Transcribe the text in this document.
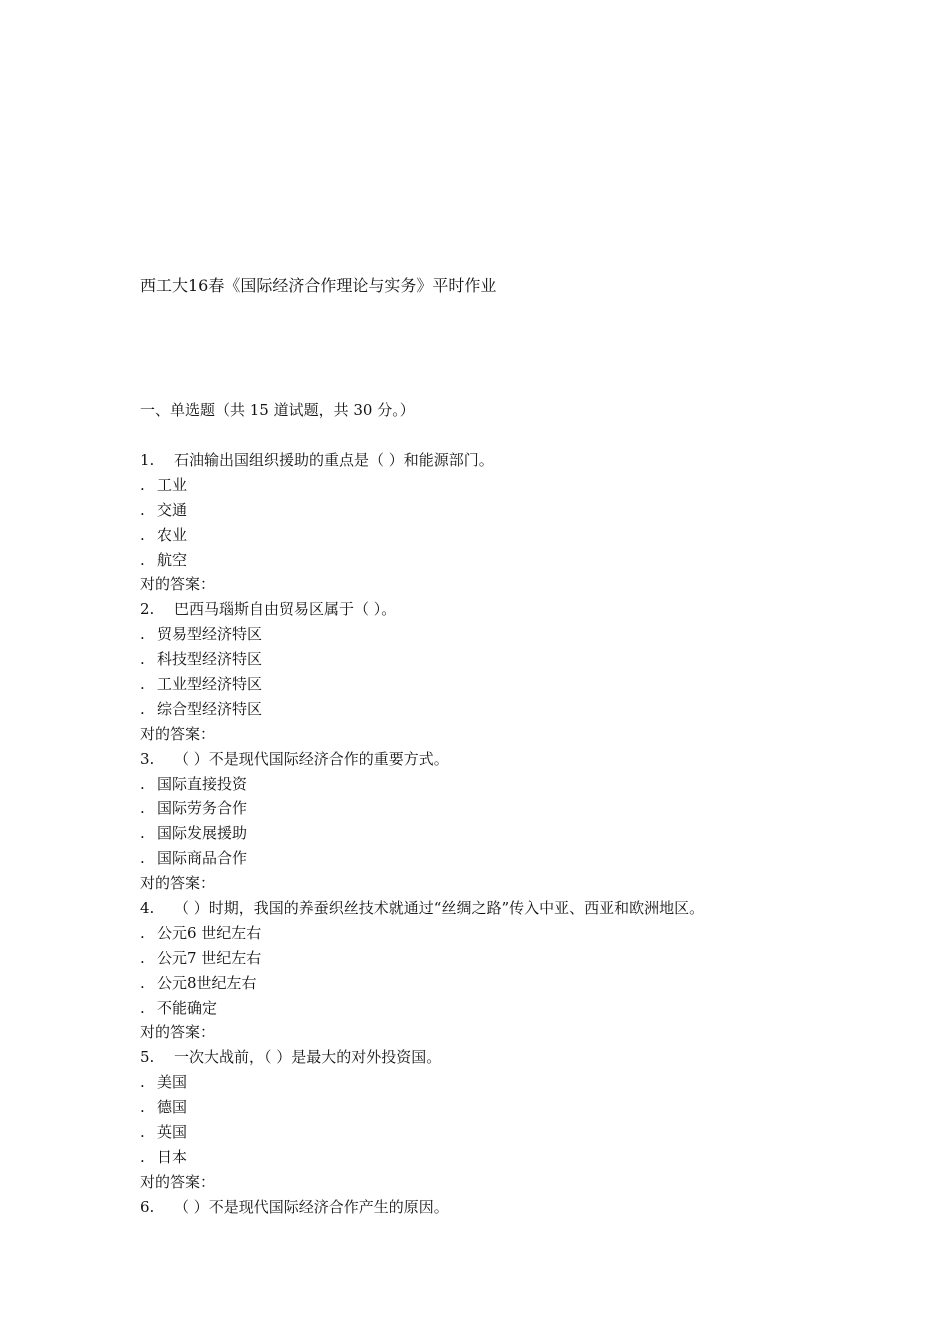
西工大16春《国际经济合作理论与实务》平时作业
一、单选题（共 15 道试题，共 30 分。）
1. 石油输出国组织援助的重点是（ ）和能源部门。
. 工业
. 交通
. 农业
. 航空
对的答案：
2. 巴西马瑙斯自由贸易区属于（ ）。
. 贸易型经济特区
. 科技型经济特区
. 工业型经济特区
. 综合型经济特区
对的答案：
3. （ ）不是现代国际经济合作的重要方式。
. 国际直接投资
. 国际劳务合作
. 国际发展援助
. 国际商品合作
对的答案：
4. （ ）时期，我国的养蚕织丝技术就通过“丝绸之路”传入中亚、西亚和欧洲地区。
. 公元6 世纪左右
. 公元7 世纪左右
. 公元8世纪左右
. 不能确定
对的答案：
5. 一次大战前，（ ）是最大的对外投资国。
. 美国
. 德国
. 英国
. 日本
对的答案：
6. （ ）不是现代国际经济合作产生的原因。
